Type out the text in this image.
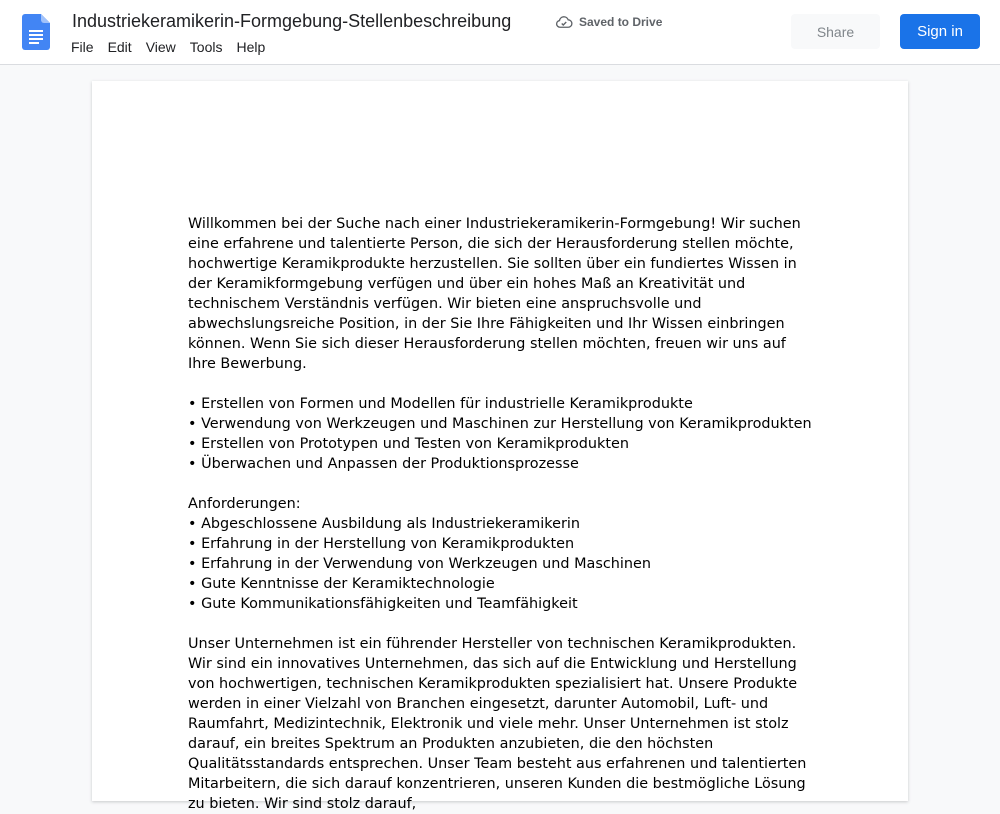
Industriekeramikerin-Formgebung-Stellenbeschreibung	Saved to Drive
File	Edit	View	Tools	Help
Share	Sign in
Willkommen bei der Suche nach einer Industriekeramikerin-Formgebung! Wir suchen eine erfahrene und talentierte Person, die sich der Herausforderung stellen möchte, hochwertige Keramikprodukte herzustellen. Sie sollten über ein fundiertes Wissen in der Keramikformgebung verfügen und über ein hohes Maß an Kreativität und technischem Verständnis verfügen. Wir bieten eine anspruchsvolle und abwechslungsreiche Position, in der Sie Ihre Fähigkeiten und Ihr Wissen einbringen können. Wenn Sie sich dieser Herausforderung stellen möchten, freuen wir uns auf Ihre Bewerbung.
• Erstellen von Formen und Modellen für industrielle Keramikprodukte
• Verwendung von Werkzeugen und Maschinen zur Herstellung von Keramikprodukten
• Erstellen von Prototypen und Testen von Keramikprodukten
• Überwachen und Anpassen der Produktionsprozesse
Anforderungen:
• Abgeschlossene Ausbildung als Industriekeramikerin
• Erfahrung in der Herstellung von Keramikprodukten
• Erfahrung in der Verwendung von Werkzeugen und Maschinen
• Gute Kenntnisse der Keramiktechnologie
• Gute Kommunikationsfähigkeiten und Teamfähigkeit
Unser Unternehmen ist ein führender Hersteller von technischen Keramikprodukten. Wir sind ein innovatives Unternehmen, das sich auf die Entwicklung und Herstellung von hochwertigen, technischen Keramikprodukten spezialisiert hat. Unsere Produkte werden in einer Vielzahl von Branchen eingesetzt, darunter Automobil, Luft- und Raumfahrt, Medizintechnik, Elektronik und viele mehr. Unser Unternehmen ist stolz darauf, ein breites Spektrum an Produkten anzubieten, die den höchsten Qualitätsstandards entsprechen. Unser Team besteht aus erfahrenen und talentierten Mitarbeitern, die sich darauf konzentrieren, unseren Kunden die bestmögliche Lösung zu bieten. Wir sind stolz darauf,
